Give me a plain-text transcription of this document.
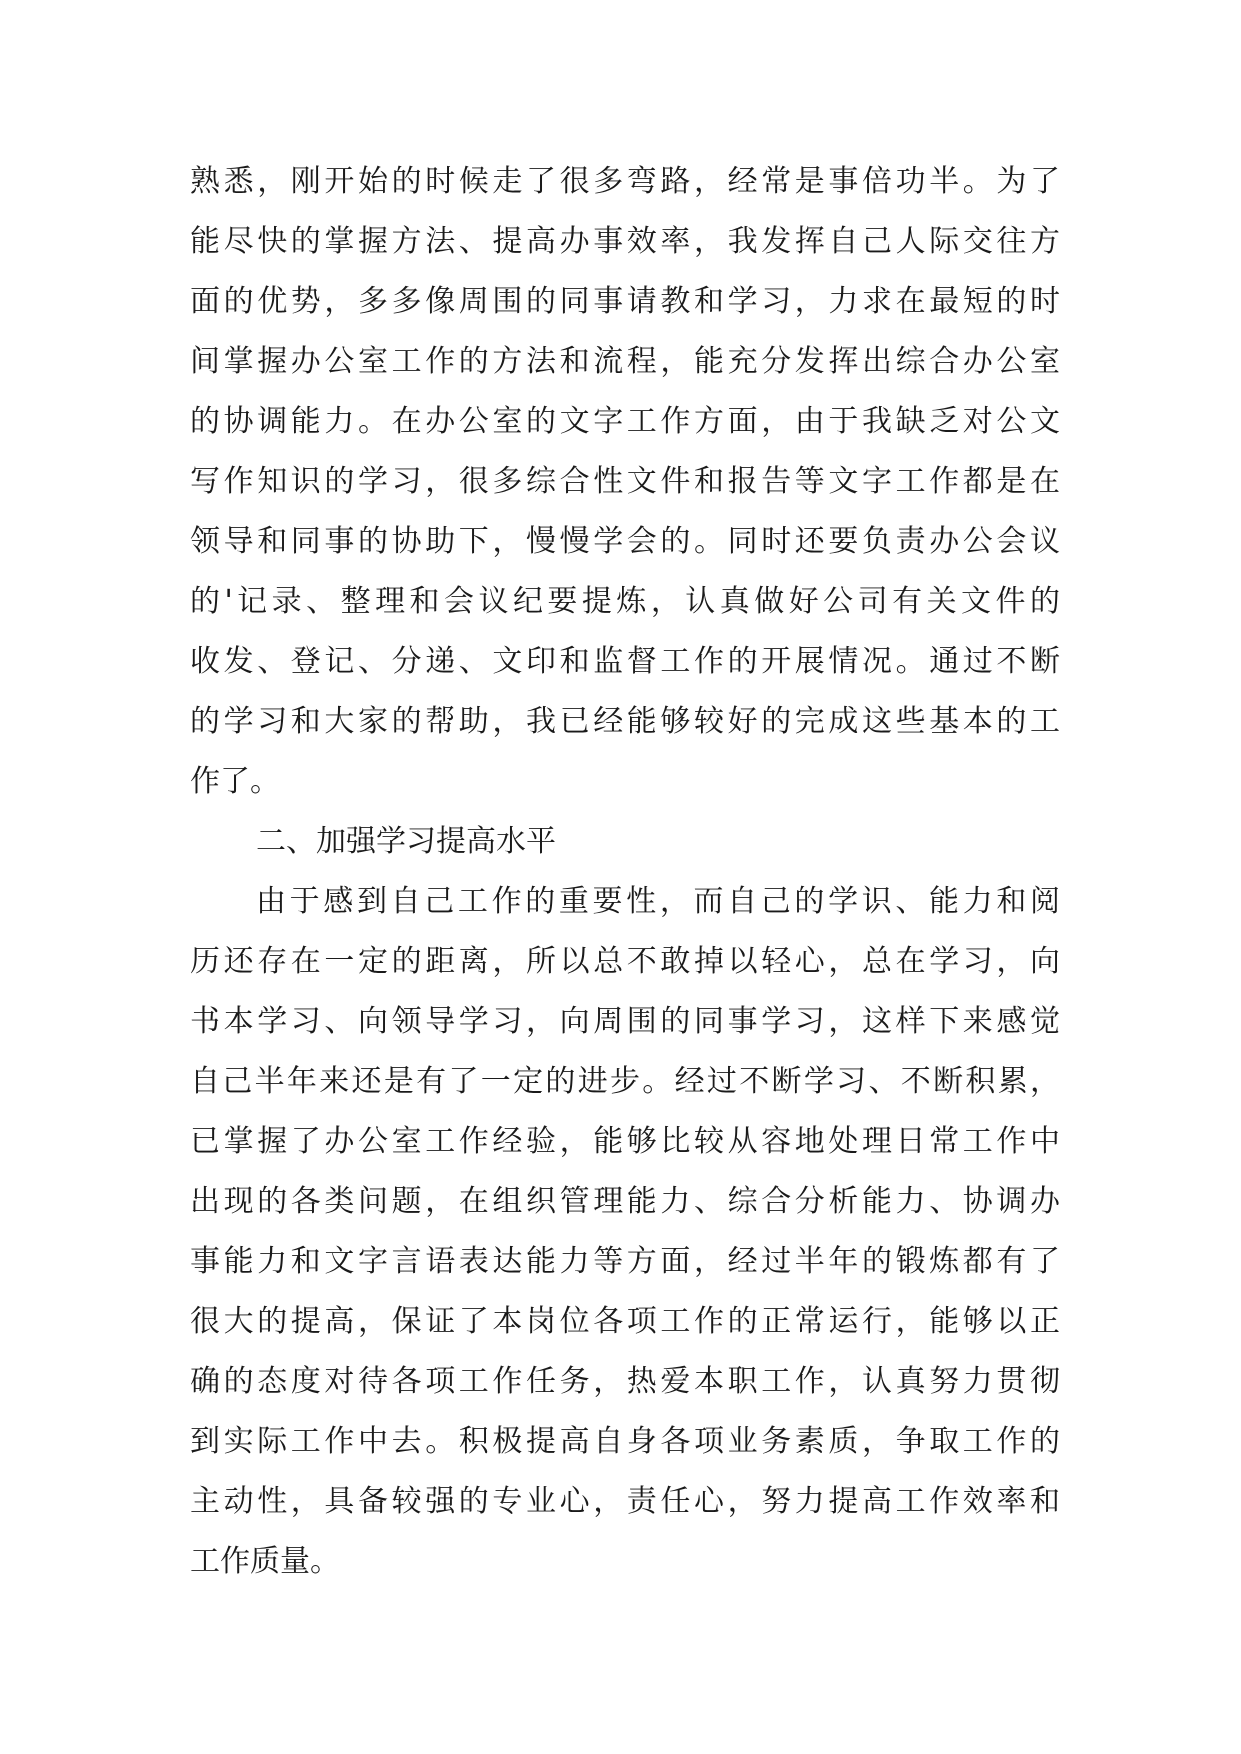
熟悉，刚开始的时候走了很多弯路，经常是事倍功半。为了
能尽快的掌握方法、提高办事效率，我发挥自己人际交往方
面的优势，多多像周围的同事请教和学习，力求在最短的时
间掌握办公室工作的方法和流程，能充分发挥出综合办公室
的协调能力。在办公室的文字工作方面，由于我缺乏对公文
写作知识的学习，很多综合性文件和报告等文字工作都是在
领导和同事的协助下，慢慢学会的。同时还要负责办公会议
的'记录、整理和会议纪要提炼，认真做好公司有关文件的
收发、登记、分递、文印和监督工作的开展情况。通过不断
的学习和大家的帮助，我已经能够较好的完成这些基本的工
作了。
二、加强学习提高水平
由于感到自己工作的重要性，而自己的学识、能力和阅
历还存在一定的距离，所以总不敢掉以轻心，总在学习，向
书本学习、向领导学习，向周围的同事学习，这样下来感觉
自己半年来还是有了一定的进步。经过不断学习、不断积累，
已掌握了办公室工作经验，能够比较从容地处理日常工作中
出现的各类问题，在组织管理能力、综合分析能力、协调办
事能力和文字言语表达能力等方面，经过半年的锻炼都有了
很大的提高，保证了本岗位各项工作的正常运行，能够以正
确的态度对待各项工作任务，热爱本职工作，认真努力贯彻
到实际工作中去。积极提高自身各项业务素质，争取工作的
主动性，具备较强的专业心，责任心，努力提高工作效率和
工作质量。
